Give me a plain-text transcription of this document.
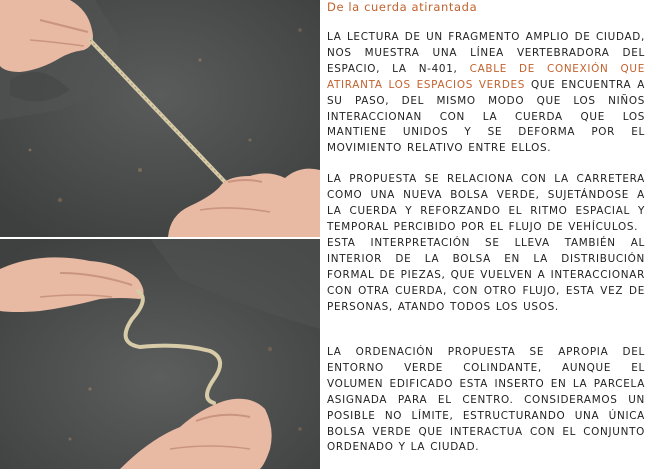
De la cuerda atirantada

LA LECTURA DE UN FRAGMENTO AMPLIO DE CIUDAD, NOS MUESTRA UNA LÍNEA VERTEBRADORA DEL ESPACIO, LA N-401, CABLE DE CONEXIÓN QUE ATIRANTA LOS ESPACIOS VERDES QUE ENCUENTRA A SU PASO, DEL MISMO MODO QUE LOS NIÑOS INTERACCIONAN CON LA CUERDA QUE LOS MANTIENE UNIDOS Y SE DEFORMA POR EL MOVIMIENTO RELATIVO ENTRE ELLOS.

LA PROPUESTA SE RELACIONA CON LA CARRETERA COMO UNA NUEVA BOLSA VERDE, SUJETÁNDOSE A LA CUERDA Y REFORZANDO EL RITMO ESPACIAL Y TEMPORAL PERCIBIDO POR EL FLUJO DE VEHÍCULOS.

ESTA INTERPRETACIÓN SE LLEVA TAMBIÉN AL INTERIOR DE LA BOLSA EN LA DISTRIBUCIÓN FORMAL DE PIEZAS, QUE VUELVEN A INTERACCIONAR CON OTRA CUERDA, CON OTRO FLUJO, ESTA VEZ DE PERSONAS, ATANDO TODOS LOS USOS.

LA ORDENACIÓN PROPUESTA SE APROPIA DEL ENTORNO VERDE COLINDANTE, AUNQUE EL VOLUMEN EDIFICADO ESTA INSERTO EN LA PARCELA ASIGNADA PARA EL CENTRO. CONSIDERAMOS UN POSIBLE NO LÍMITE, ESTRUCTURANDO UNA ÚNICA BOLSA VERDE QUE INTERACTUA CON EL CONJUNTO ORDENADO Y LA CIUDAD.
